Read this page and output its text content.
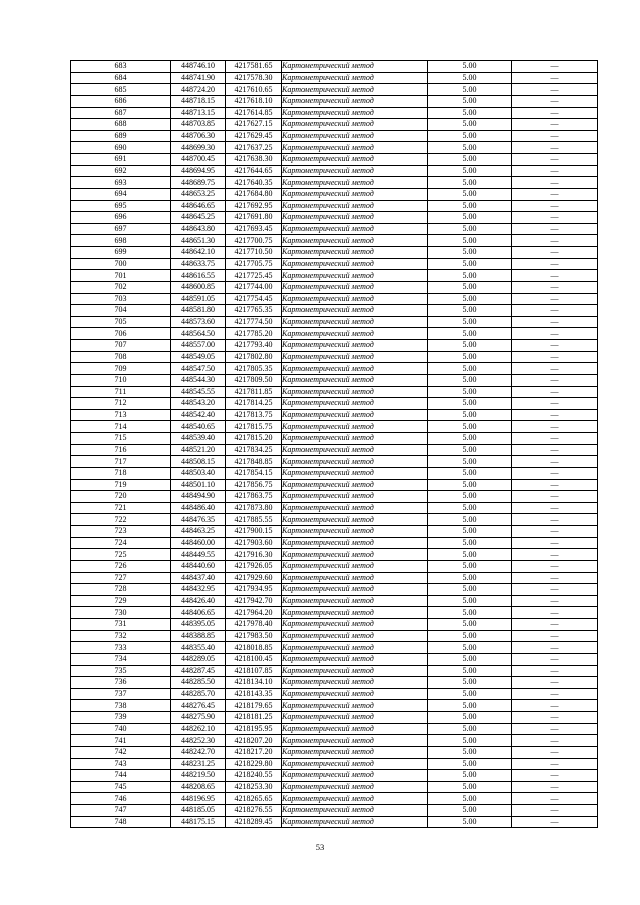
683	448746.10	4217581.65	Картометрический метод	5.00	—
684	448741.90	4217578.30	Картометрический метод	5.00	—
685	448724.20	4217610.65	Картометрический метод	5.00	—
686	448718.15	4217618.10	Картометрический метод	5.00	—
687	448713.15	4217614.85	Картометрический метод	5.00	—
688	448703.85	4217627.15	Картометрический метод	5.00	—
689	448706.30	4217629.45	Картометрический метод	5.00	—
690	448699.30	4217637.25	Картометрический метод	5.00	—
691	448700.45	4217638.30	Картометрический метод	5.00	—
692	448694.95	4217644.65	Картометрический метод	5.00	—
693	448689.75	4217640.35	Картометрический метод	5.00	—
694	448653.25	4217684.80	Картометрический метод	5.00	—
695	448646.65	4217692.95	Картометрический метод	5.00	—
696	448645.25	4217691.80	Картометрический метод	5.00	—
697	448643.80	4217693.45	Картометрический метод	5.00	—
698	448651.30	4217700.75	Картометрический метод	5.00	—
699	448642.10	4217710.50	Картометрический метод	5.00	—
700	448633.75	4217705.75	Картометрический метод	5.00	—
701	448616.55	4217725.45	Картометрический метод	5.00	—
702	448600.85	4217744.00	Картометрический метод	5.00	—
703	448591.05	4217754.45	Картометрический метод	5.00	—
704	448581.80	4217765.35	Картометрический метод	5.00	—
705	448573.60	4217774.50	Картометрический метод	5.00	—
706	448564.50	4217785.20	Картометрический метод	5.00	—
707	448557.00	4217793.40	Картометрический метод	5.00	—
708	448549.05	4217802.80	Картометрический метод	5.00	—
709	448547.50	4217805.35	Картометрический метод	5.00	—
710	448544.30	4217809.50	Картометрический метод	5.00	—
711	448545.55	4217811.85	Картометрический метод	5.00	—
712	448543.20	4217814.25	Картометрический метод	5.00	—
713	448542.40	4217813.75	Картометрический метод	5.00	—
714	448540.65	4217815.75	Картометрический метод	5.00	—
715	448539.40	4217815.20	Картометрический метод	5.00	—
716	448521.20	4217834.25	Картометрический метод	5.00	—
717	448508.15	4217848.85	Картометрический метод	5.00	—
718	448503.40	4217854.15	Картометрический метод	5.00	—
719	448501.10	4217856.75	Картометрический метод	5.00	—
720	448494.90	4217863.75	Картометрический метод	5.00	—
721	448486.40	4217873.80	Картометрический метод	5.00	—
722	448476.35	4217885.55	Картометрический метод	5.00	—
723	448463.25	4217900.15	Картометрический метод	5.00	—
724	448460.00	4217903.60	Картометрический метод	5.00	—
725	448449.55	4217916.30	Картометрический метод	5.00	—
726	448440.60	4217926.05	Картометрический метод	5.00	—
727	448437.40	4217929.60	Картометрический метод	5.00	—
728	448432.95	4217934.95	Картометрический метод	5.00	—
729	448426.40	4217942.70	Картометрический метод	5.00	—
730	448406.65	4217964.20	Картометрический метод	5.00	—
731	448395.05	4217978.40	Картометрический метод	5.00	—
732	448388.85	4217983.50	Картометрический метод	5.00	—
733	448355.40	4218018.85	Картометрический метод	5.00	—
734	448289.05	4218100.45	Картометрический метод	5.00	—
735	448287.45	4218107.85	Картометрический метод	5.00	—
736	448285.50	4218134.10	Картометрический метод	5.00	—
737	448285.70	4218143.35	Картометрический метод	5.00	—
738	448276.45	4218179.65	Картометрический метод	5.00	—
739	448275.90	4218181.25	Картометрический метод	5.00	—
740	448262.10	4218195.95	Картометрический метод	5.00	—
741	448252.30	4218207.20	Картометрический метод	5.00	—
742	448242.70	4218217.20	Картометрический метод	5.00	—
743	448231.25	4218229.80	Картометрический метод	5.00	—
744	448219.50	4218240.55	Картометрический метод	5.00	—
745	448208.65	4218253.30	Картометрический метод	5.00	—
746	448196.95	4218265.65	Картометрический метод	5.00	—
747	448185.05	4218276.55	Картометрический метод	5.00	—
748	448175.15	4218289.45	Картометрический метод	5.00	—
53
